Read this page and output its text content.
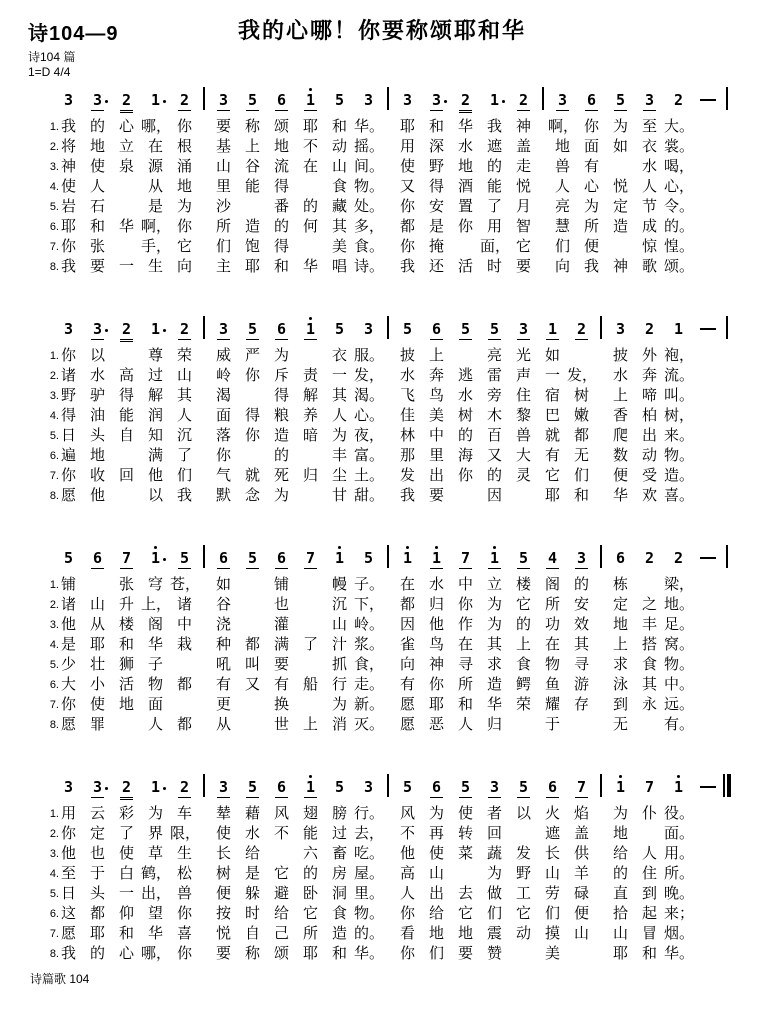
诗104—9	我的心哪！你要称颂耶和华
诗104 篇
1=D 4/4
3 3 2 1 2 3 5 6 1 5 3 3 3 2 1 2 3 6 5 3 2
1. 我 的 心 哪， 你	要 称 颂 耶 和 华。	耶 和 华 我 神	啊， 你 为 至 大。
2. 将 地 立 在 根	基 上 地 不 动 摇。	用 深 水 遮 盖	地 面 如 衣 裳。
3. 神 使 泉 源 涌	山 谷 流 在 山 间。	使 野 地 的 走	兽 有	水 喝，
4. 使 人	从 地	里 能 得	食 物。	又 得 酒 能 悦	人 心 悦 人 心，
5. 岩 石	是 为	沙	番 的 藏 处。	你 安 置 了 月	亮 为 定 节 令。
6. 耶 和 华 啊， 你	所 造 的 何 其 多，	都 是 你 用 智	慧 所 造 成 的。
7. 你 张	手， 它	们 饱 得	美 食。	你 掩	面， 它	们 便	惊 惶。
8. 我 要 一 生 向	主 耶 和 华 唱 诗。	我 还 活 时 要	向 我 神 歌 颂。
3 3 2 1 2 3 5 6 1 5 3 5 6 5 5 3 1 2 3 2 1
1. 你 以	尊 荣	威 严 为	衣 服。	披 上	亮 光 如	披 外 袍，
2. 诸 水 高 过 山	岭 你 斥 责 一 发，	水 奔 逃 雷 声 一 发，	水 奔 流。
3. 野 驴 得 解 其	渴	得 解 其 渴。	飞 鸟 水 旁 住 宿 树	上 啼 叫。
4. 得 油 能 润 人	面 得 粮 养 人 心。	佳 美 树 木 黎 巴 嫩	香 柏 树，
5. 日 头 自 知 沉	落 你 造 暗 为 夜，	林 中 的 百 兽 就 都	爬 出 来。
6. 遍 地	满 了	你	的	丰 富。	那 里 海 又 大 有 无	数 动 物。
7. 你 收 回 他 们	气 就 死 归 尘 土。	发 出 你 的 灵 它 们	便 受 造。
8. 愿 他	以 我	默 念 为	甘 甜。	我 要	因	耶 和	华 欢 喜。
5 6 7 1 5 6 5 6 7 1 5 1 1 7 1 5 4 3 6 2 2
1. 铺	张 穹 苍，	如	铺	幔 子。	在 水 中 立 楼 阁 的	栋	梁，
2. 诸 山 升 上， 诸	谷	也	沉 下，	都 归 你 为 它 所 安	定 之 地。
3. 他 从 楼 阁 中	浇	灌	山 岭。	因 他 作 为 的 功 效	地 丰 足。
4. 是 耶 和 华 栽	种 都 满 了 汁 浆。	雀 鸟 在 其 上 在 其	上 搭 窝。
5. 少 壮 狮 子	吼 叫 要	抓 食，	向 神 寻 求 食 物 寻	求 食 物。
6. 大 小 活 物 都	有 又 有 船 行 走。	有 你 所 造 鳄 鱼 游	泳 其 中。
7. 你 使 地 面	更	换	为 新。	愿 耶 和 华 荣 耀 存	到 永 远。
8. 愿 罪	人 都	从	世 上 消 灭。	愿 恶 人 归	于	无	有。
3 3 2 1 2 3 5 6 1 5 3 5 6 5 3 5 6 7 1 7 1
1. 用 云 彩 为 车	辇 藉 风 翅 膀 行。	风 为 使 者 以 火 焰	为 仆 役。
2. 你 定 了 界 限，	使 水 不 能 过 去，	不 再 转 回	遮 盖	地	面。
3. 他 也 使 草 生	长 给	六 畜 吃。	他 使 菜 蔬 发 长 供	给 人 用。
4. 至 于 白 鹤， 松	树 是 它 的 房 屋。	高 山	为 野 山 羊	的 住 所。
5. 日 头 一 出， 兽	便 躲 避 卧 洞 里。	人 出 去 做 工 劳 碌	直 到 晚。
6. 这 都 仰 望 你	按 时 给 它 食 物。	你 给 它 们 它 们 便	拾 起 来；
7. 愿 耶 和 华 喜	悦 自 己 所 造 的。	看 地 地 震 动 摸 山	山 冒 烟。
8. 我 的 心 哪， 你	要 称 颂 耶 和 华。	你 们 要 赞	美	耶 和 华。
诗篇歌 104
